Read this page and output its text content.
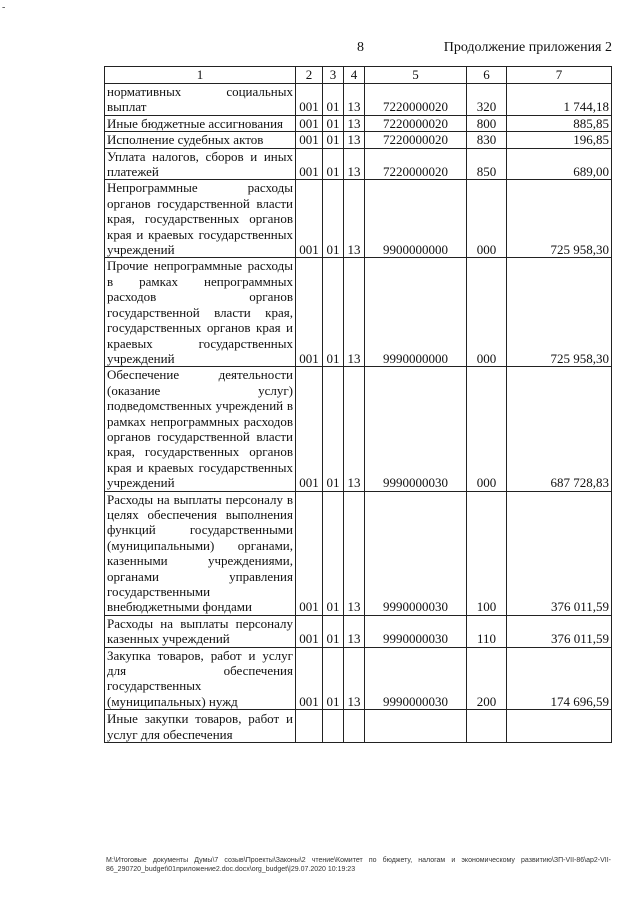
-
8	Продолжение приложения 2
1	2	3	4	5	6	7
нормативных социальных выплат	001	01	13	7220000020	320	1 744,18
Иные бюджетные ассигнования	001	01	13	7220000020	800	885,85
Исполнение судебных актов	001	01	13	7220000020	830	196,85
Уплата налогов, сборов и иных платежей	001	01	13	7220000020	850	689,00
Непрограммные расходы органов государственной власти края, государственных органов края и краевых государственных учреждений	001	01	13	9900000000	000	725 958,30
Прочие непрограммные расходы в рамках непрограммных расходов органов государственной власти края, государственных органов края и краевых государственных учреждений	001	01	13	9990000000	000	725 958,30
Обеспечение деятельности (оказание услуг) подведомственных учреждений в рамках непрограммных расходов органов государственной власти края, государственных органов края и краевых государственных учреждений	001	01	13	9990000030	000	687 728,83
Расходы на выплаты персоналу в целях обеспечения выполнения функций государственными (муниципальными) органами, казенными учреждениями, органами управления государственными внебюджетными фондами	001	01	13	9990000030	100	376 011,59
Расходы на выплаты персоналу казенных учреждений	001	01	13	9990000030	110	376 011,59
Закупка товаров, работ и услуг для обеспечения государственных (муниципальных) нужд	001	01	13	9990000030	200	174 696,59
Иные закупки товаров, работ и услуг для обеспечения						
M:\Итоговые документы Думы\7 созыв\Проекты\Законы\2 чтение\Комитет по бюджету, налогам и экономическому развитию\ЗП-VII-86\ap2-VII-86_290720_budget\01приложение2.doc.docx\org_budget\|29.07.2020 10:19:23
